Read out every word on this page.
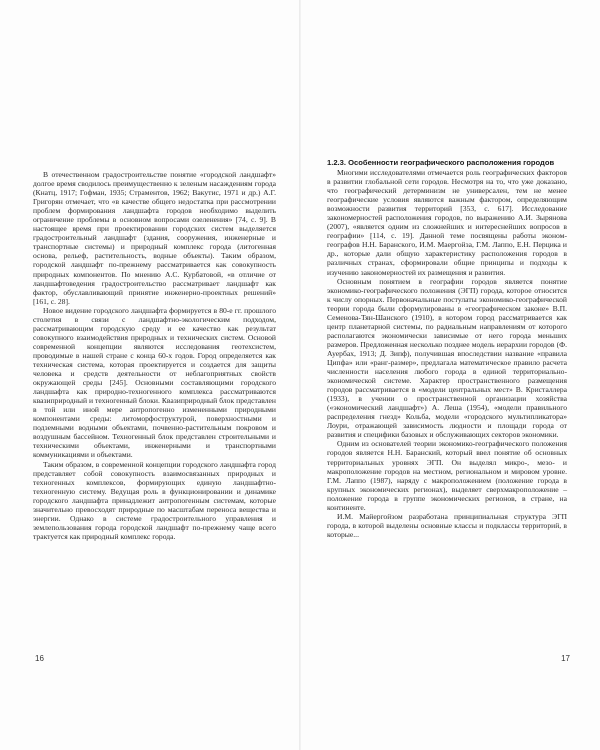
В отечественном градостроительстве понятие «городской ландшафт» долгое время сводилось преимущественно к зеленым насаждениям города (Кнатц, 1917; Гофман, 1935; Страментов, 1962; Вакутис, 1971 и др.) А.Г. Григорян отмечает, что «в качестве общего недостатка при рассмотрении проблем формирования ландшафта городов необходимо выделить ограничение проблемы в основном вопросами озеленения» [74, с. 9]. В настоящее время при проектировании городских систем выделяется градостроительный ландшафт (здания, сооружения, инженерные и транспортные системы) и природный комплекс города (литогенная основа, рельеф, растительность, водные объекты). Таким образом, городской ландшафт по-прежнему рассматривается как совокупность природных компонентов. По мнению А.С. Курбатовой, «в отличие от ландшафтоведения градостроительство рассматривает ландшафт как фактор, обуславливающий принятие инженерно-проектных решений» [161, с. 28].

Новое видение городского ландшафта формируется в 80-е гг. прошлого столетия в связи с ландшафтно-экологическим подходом, рассматривающим городскую среду и ее качество как результат совокупного взаимодействия природных и технических систем. Основой современной концепции являются исследования геотехсистем, проводимые в нашей стране с конца 60-х годов. Город определяется как техническая система, которая проектируется и создается для защиты человека и средств деятельности от неблагоприятных свойств окружающей среды [245]. Основными составляющими городского ландшафта как природно-техногенного комплекса рассматриваются квазиприродный и техногенный блоки. Квазиприродный блок представлен в той или иной мере антропогенно измененными природными компонентами среды: литоморфоструктурой, поверхностными и подземными водными объектами, почвенно-растительным покровом и воздушным бассейном. Техногенный блок представлен строительными и техническими объектами, инженерными и транспортными коммуникациями и объектами.

Таким образом, в современной концепции городского ландшафта город представляет собой совокупность взаимосвязанных природных и техногенных комплексов, формирующих единую ландшафтно-техногенную систему. Ведущая роль в функционировании и динамике городского ландшафта принадлежит антропогенным системам, которые значительно превосходят природные по масштабам переноса вещества и энергии. Однако в системе градостроительного управления и землепользования города городской ландшафт по-прежнему чаще всего трактуется как природный комплекс города.

16
1.2.3. Особенности географического расположения городов

Многими исследователями отмечается роль географических факторов в развитии глобальной сети городов. Несмотря на то, что уже доказано, что географический детерминизм не универсален, тем не менее географические условия являются важным фактором, определяющим возможности развития территорий [353, с. 617]. Исследование закономерностей расположения городов, по выражению А.И. Зырянова (2007), «является одним из сложнейших и интереснейших вопросов в географии» [114, с. 19]. Данной теме посвящены работы эконом-географов Н.Н. Баранского, И.М. Маергойза, Г.М. Лаппо, Е.Н. Перцика и др., которые дали общую характеристику расположения городов в различных странах, сформировали общие принципы и подходы к изучению закономерностей их размещения и развития.

Основным понятием в географии городов является понятие экономико-географического положения (ЭГП) города, которое относится к числу опорных. Первоначальные постулаты экономико-географической теории города были сформулированы в «географическом законе» В.П. Семенова-Тян-Шанского (1910), в котором город рассматривается как центр планетарной системы, по радиальным направлениям от которого располагаются экономически зависимые от него города меньших размеров. Предложенная несколько позднее модель иерархии городов (Ф. Ауербах, 1913; Д. Зипф), получившая впоследствии название «правила Ципфа» или «ранг-размер», предлагала математическое правило расчета численности населения любого города в единой территориально-экономической системе. Характер пространственного размещения городов рассматривается в «модели центральных мест» В. Кристаллера (1933), в учении о пространственной организации хозяйства («экономический ландшафт») А. Леша (1954), «модели правильного распределения гнезд» Кольба, модели «городского мультипликатора» Лоури, отражающей зависимость людности и площади города от развития и специфики базовых и обслуживающих секторов экономики.

Одним из основателей теории экономико-географического положения городов является Н.Н. Баранский, который ввел понятие об основных территориальных уровнях ЭГП. Он выделял микро-, мезо- и макроположение городов на местном, региональном и мировом уровне. Г.М. Лаппо (1987), наряду с макроположением (положение города в крупных экономических регионах), выделяет сверхмакроположение – положение города в группе экономических регионов, в стране, на континенте.

И.М. Майергойзом разработана принципиальная структура ЭГП города, в которой выделены основные классы и подклассы территорий, в которые...

17
